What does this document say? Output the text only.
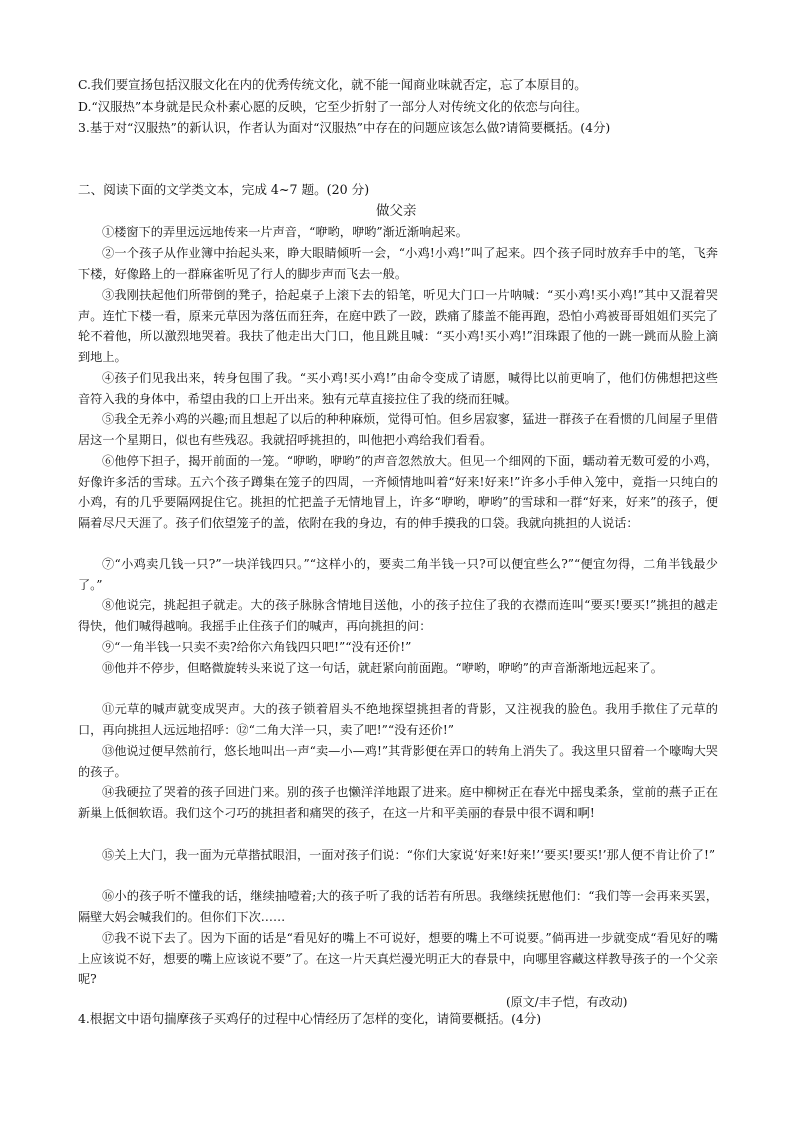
C.我们要宣扬包括汉服文化在内的优秀传统文化，就不能一闻商业味就否定，忘了本原目的。
D.“汉服热”本身就是民众朴素心愿的反映，它至少折射了一部分人对传统文化的依恋与向往。
3.基于对“汉服热”的新认识，作者认为面对“汉服热”中存在的问题应该怎么做?请简要概括。(4分)
二、阅读下面的文学类文本，完成 4~7 题。(20 分)
做父亲

①楼窗下的弄里远远地传来一片声音，“咿哟，咿哟”渐近渐响起来。

②一个孩子从作业簿中抬起头来，睁大眼睛倾听一会，“小鸡!小鸡!”叫了起来。四个孩子同时放弃手中的笔，飞奔下楼，好像路上的一群麻雀听见了行人的脚步声而飞去一般。

③我刚扶起他们所带倒的凳子，拾起桌子上滚下去的铅笔，听见大门口一片呐喊：“买小鸡!买小鸡!”其中又混着哭声。连忙下楼一看，原来元草因为落伍而狂奔，在庭中跌了一跤，跌痛了膝盖不能再跑，恐怕小鸡被哥哥姐姐们买完了轮不着他，所以激烈地哭着。我扶了他走出大门口，他且跳且喊：“买小鸡!买小鸡!”泪珠跟了他的一跳一跳而从脸上滴到地上。

④孩子们见我出来，转身包围了我。“买小鸡!买小鸡!”由命令变成了请愿，喊得比以前更响了，他们仿佛想把这些音符入我的身体中，希望由我的口上开出来。独有元草直接拉住了我的绕而狂喊。

⑤我全无养小鸡的兴趣;而且想起了以后的种种麻烦，觉得可怕。但乡居寂寥，猛进一群孩子在看惯的几间屋子里借居这一个星期日，似也有些残忍。我就招呼挑担的，叫他把小鸡给我们看看。

⑥他停下担子，揭开前面的一笼。“咿哟，咿哟”的声音忽然放大。但见一个细网的下面，蠕动着无数可爱的小鸡，好像许多活的雪球。五六个孩子蹲集在笼子的四周，一齐倾情地叫着“好来!好来!”许多小手伸入笼中，竟指一只纯白的小鸡，有的几乎要隔网捉住它。挑担的忙把盖子无情地冒上，许多“咿哟，咿哟”的雪球和一群“好来，好来”的孩子，便隔着尽尺天涯了。孩子们依望笼子的盖，依附在我的身边，有的伸手摸我的口袋。我就向挑担的人说话：

⑦“小鸡卖几钱一只?”一块洋钱四只。”“这样小的，要卖二角半钱一只?可以便宜些么?”“便宜勿得，二角半钱最少了。”

⑧他说完，挑起担子就走。大的孩子脉脉含情地目送他，小的孩子拉住了我的衣襟而连叫“要买!要买!”挑担的越走得快，他们喊得越响。我摇手止住孩子们的喊声，再向挑担的问：

⑨“一角半钱一只卖不卖?给你六角钱四只吧!”“没有还价!”

⑩他并不停步，但略微旋转头来说了这一句话，就赶紧向前面跑。“咿哟，咿哟”的声音渐渐地远起来了。

⑪元草的喊声就变成哭声。大的孩子锁着眉头不绝地探望挑担者的背影，又注视我的脸色。我用手揿住了元草的口，再向挑担人远远地招呼：⑫“二角大洋一只，卖了吧!”“没有还价!”

⑬他说过便早然前行，悠长地叫出一声“卖—小—鸡!”其背影便在弄口的转角上消失了。我这里只留着一个嚎啕大哭的孩子。

⑭我硬拉了哭着的孩子回进门来。别的孩子也懒洋洋地跟了进来。庭中柳树正在春光中摇曳柔条，堂前的燕子正在新巢上低徊软语。我们这个刁巧的挑担者和痛哭的孩子，在这一片和平美丽的春景中很不调和啊!

⑮关上大门，我一面为元草揩拭眼泪，一面对孩子们说：“你们大家说‘好来!好来!’‘要买!要买!’那人便不肯让价了!”

⑯小的孩子听不懂我的话，继续抽噎着;大的孩子听了我的话若有所思。我继续抚慰他们：“我们等一会再来买罢，隔壁大妈会喊我们的。但你们下次……

⑰我不说下去了。因为下面的话是“看见好的嘴上不可说好，想要的嘴上不可说要。”倘再进一步就变成“看见好的嘴上应该说不好，想要的嘴上应该说不要”了。在这一片天真烂漫光明正大的春景中，向哪里容藏这样教导孩子的一个父亲呢?

(原文/丰子恺，有改动)
4.根据文中语句揣摩孩子买鸡仔的过程中心情经历了怎样的变化，请简要概括。(4分)
